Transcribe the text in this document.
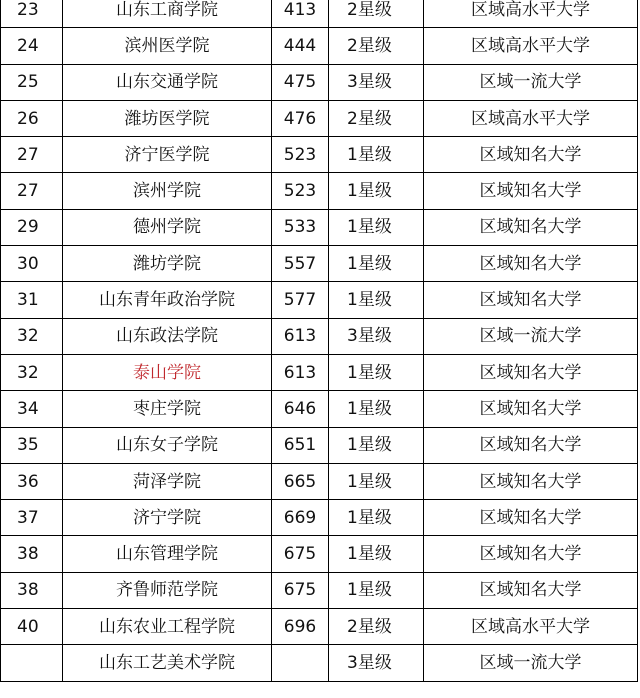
23	山东工商学院	413	2星级	区域高水平大学
24	滨州医学院	444	2星级	区域高水平大学
25	山东交通学院	475	3星级	区域一流大学
26	潍坊医学院	476	2星级	区域高水平大学
27	济宁医学院	523	1星级	区域知名大学
27	滨州学院	523	1星级	区域知名大学
29	德州学院	533	1星级	区域知名大学
30	潍坊学院	557	1星级	区域知名大学
31	山东青年政治学院	577	1星级	区域知名大学
32	山东政法学院	613	3星级	区域一流大学
32	泰山学院	613	1星级	区域知名大学
34	枣庄学院	646	1星级	区域知名大学
35	山东女子学院	651	1星级	区域知名大学
36	菏泽学院	665	1星级	区域知名大学
37	济宁学院	669	1星级	区域知名大学
38	山东管理学院	675	1星级	区域知名大学
38	齐鲁师范学院	675	1星级	区域知名大学
40	山东农业工程学院	696	2星级	区域高水平大学
	山东工艺美术学院		3星级	区域一流大学
